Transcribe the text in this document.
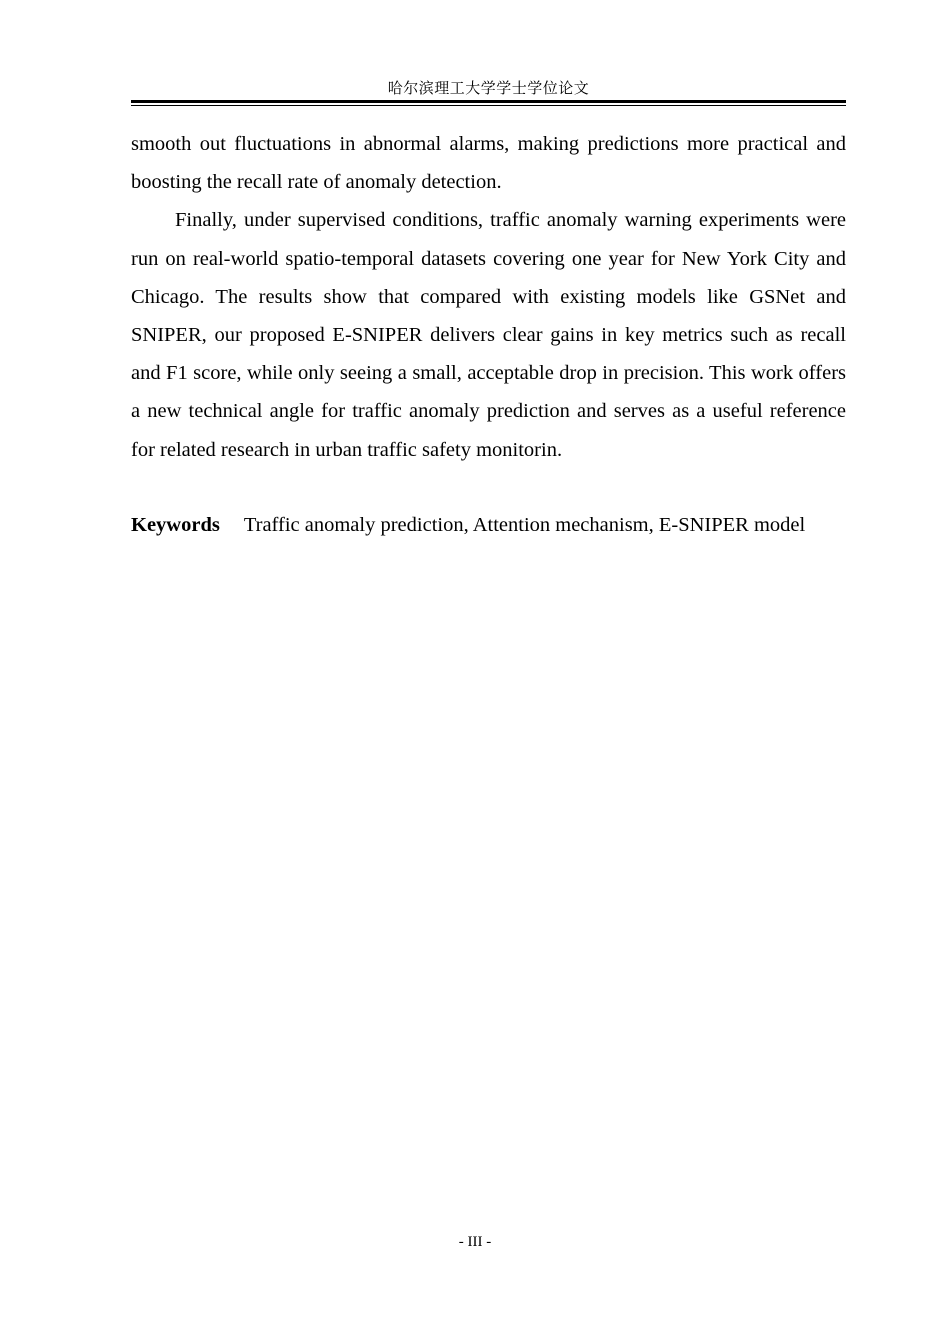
哈尔滨理工大学学士学位论文

smooth out fluctuations in abnormal alarms, making predictions more practical and boosting the recall rate of anomaly detection.

Finally, under supervised conditions, traffic anomaly warning experiments were run on real-world spatio-temporal datasets covering one year for New York City and Chicago. The results show that compared with existing models like GSNet and SNIPER, our proposed E-SNIPER delivers clear gains in key metrics such as recall and F1 score, while only seeing a small, acceptable drop in precision. This work offers a new technical angle for traffic anomaly prediction and serves as a useful reference for related research in urban traffic safety monitorin.

Keywords Traffic anomaly prediction, Attention mechanism, E-SNIPER model
- III -
